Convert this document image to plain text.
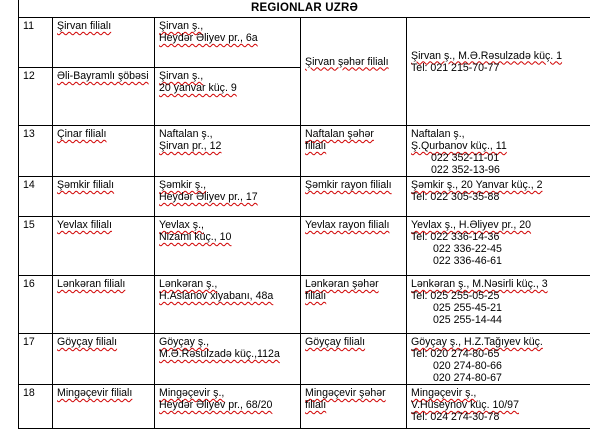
REGIONLAR UZRƏ				
11	Şirvan filialı	Şirvan ş.,
Heydər Əliyev pr., 6a	Şirvan şəhər filialı	Şirvan ş., M.Ə.Rəsulzadə küç. 1
Tel: 021 215-70-77

12	Əli-Bayramlı şöbəsi	Şirvan ş.,
20 yanvar küç. 9		

13	Çinar filialı	Naftalan ş.,
Şirvan pr., 12	Naftalan şəhər
filialı	Naftalan ş.,
Ş.Qurbanov küç., 11
022 352-11-01
022 352-13-96

14	Şəmkir filialı	Şəmkir ş.,
Heydər Əliyev pr., 17	Şəmkir rayon filialı	Şəmkir ş., 20 Yanvar küç., 2
Tel: 022 305-35-88

15	Yevlax filialı	Yevlax ş.,
Nizami küç., 10	Yevlax rayon filialı	Yevlax ş., H.Əliyev pr., 20
Tel: 022 336-14-36
022 336-22-45
022 336-46-61

16	Lənkəran filialı	Lənkəran ş.,
H.Aslanov xiyabanı, 48a	Lənkəran şəhər
filialı	Lənkəran ş., M.Nəsirli küç., 3
Tel: 025 255-05-25
025 255-45-21
025 255-14-44

17	Göyçay filialı	Göyçay ş.,
M.Ə.Rəsulzadə küç.,112a	Göyçay filialı	Göyçay ş., H.Z.Tağıyev küç.
Tel: 020 274-80-65
020 274-80-66
020 274-80-67

18	Mingəçevir filialı	Mingəçevir ş.,
Heydər Əliyev pr., 68/20	Mingəçevir şəhər
filialı	Mingəçevir ş.,
V.Hüseynov küç. 10/97
Tel: 024 274-30-78
